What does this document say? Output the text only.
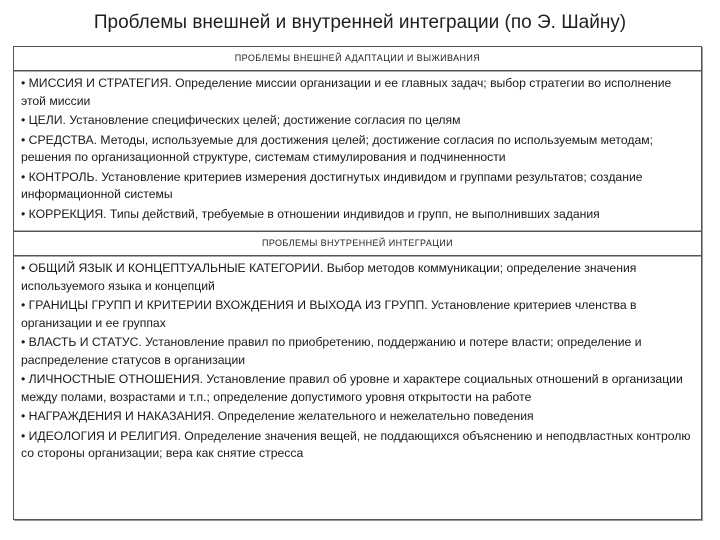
Проблемы внешней и внутренней интеграции (по Э. Шайну)
ПРОБЛЕМЫ ВНЕШНЕЙ АДАПТАЦИИ И ВЫЖИВАНИЯ
• МИССИЯ И СТРАТЕГИЯ. Определение миссии организации и ее главных задач; выбор стратегии во исполнение этой миссии
• ЦЕЛИ. Установление специфических целей; достижение согласия по целям
• СРЕДСТВА. Методы, используемые для достижения целей; достижение согласия по используемым методам; решения по организационной структуре, системам стимулирования и подчиненности
• КОНТРОЛЬ. Установление критериев измерения достигнутых индивидом и группами результатов; создание информационной системы
• КОРРЕКЦИЯ. Типы действий, требуемые в отношении индивидов и групп, не выполнивших задания
ПРОБЛЕМЫ ВНУТРЕННЕЙ ИНТЕГРАЦИИ
• ОБЩИЙ ЯЗЫК И КОНЦЕПТУАЛЬНЫЕ КАТЕГОРИИ. Выбор методов коммуникации; определение значения используемого языка и концепций
• ГРАНИЦЫ ГРУПП И КРИТЕРИИ ВХОЖДЕНИЯ И ВЫХОДА ИЗ ГРУПП. Установление критериев членства в организации и ее группах
• ВЛАСТЬ И СТАТУС. Установление правил по приобретению, поддержанию и потере власти; определение и распределение статусов в организации
• ЛИЧНОСТНЫЕ ОТНОШЕНИЯ. Установление правил об уровне и характере социальных отношений в организации между полами, возрастами и т.п.; определение допустимого уровня открытости на работе
• НАГРАЖДЕНИЯ И НАКАЗАНИЯ. Определение желательного и нежелательно поведения
• ИДЕОЛОГИЯ И РЕЛИГИЯ. Определение значения вещей, не поддающихся объяснению и неподвластных контролю со стороны организации; вера как снятие стресса
